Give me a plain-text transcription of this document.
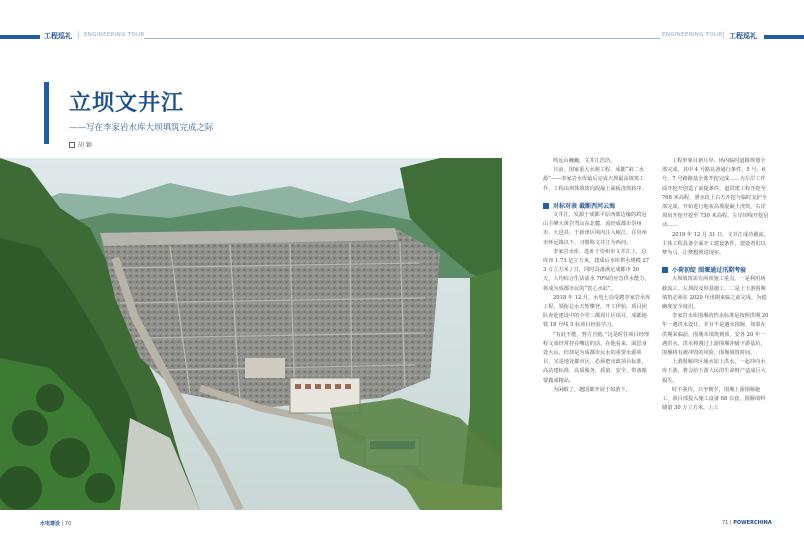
工程巡礼 | ENGINEERING TOUR	ENGINEERING TOUR | 工程巡礼
立坝文井江
——写在李家岩水库大坝填筑完成之际
胡 颖

鸣远山巍巍，文井江浩浩。

日前，国家重大水利工程、成都“第二水源”——李家岩水库最后完成大坝最高填筑工作，工程由坝体填筑向混凝土面板浇筑转序。

对标对表 截断西河云海

文井江，发源于成都平原西部边缘的鸡冠山主峰大黄岩弯山东北麓，流经成都市崇州市、大邑县，于新津区境内注入岷江。在崇州市怀远镇以下，习惯称文井江为西河。

李家岩水库，选址于崇州市文井江上，总库容 1.73 亿立方米，建成后水库供水规模 273 万立方米 / 日，同时具备满足成都市 30 天，人均综合生活需水 70%的应急供水能力，将成为成都市民的“饮心水缸”。

2018 年 12 月，水电七局受聘李家岩水库工程，领衔总水天堑攀登。开工伊始，项目团队奔赴建设中的全党三都周片区项目，成都地铁 18 号线 5 标项目经验学习。

“有此不能，努力自勉。”这是时任项目经理程文成经常挂在嘴边的话。在他看来，面思身处大山，但却是为成都市民水的重要水源项目，又是地处都市区，必须把市政项目标准，高站建标准，高质服务，质量、安全、带备都要做成精品。

为闲暇了，越国都开展于如游下，

工程形象目新月异。场内临时道路规划全部完成，其中 4 号路具备通行条件，5 号、6 号、7 号路路基全部开挖完成……为左岸工作面开挖开创造了前提条件。道洪建工程开挖至 768 米高程，泄水段上右方开挖与临时支护全部完成，开始进行地灰高坡混凝土浇筑，右岸坝肩开挖开挖至 730 米高程，左岸坝线开挖启动……

2019 年 12 月 31 日，文井江成功截流。主体工程具备全面开工建设条件，建设者们以梦为马，让梦想照进现实。

小荷初绽 围堰通过汛期考验

大坝填筑需有两项施工重点，一是利用场截流工、左坝段及坝基施工，二是上下游围堰填筑必须在 2020 年汛期来临之前完成，为稳确度安全度汛。

李家岩水库围堰的挡水标准是按照洪期 20 年一遇洪水设计，并且不是遇水围堰，如果在洪期来临前，围堰未填筑到顶，安各 20 年一遇洪水，洪水将漫过上游围堰冲破下游基坑，围堰将有被冲毁的风险，围堰填筑时间。

上游围堰冲区域水加上洪水，一起冲向水库下游，将会给下游人民的生命财产造成巨大损失。

时不我待，只争朝夕，围堰上游围堰施工，项目部投入施工设备 68 台套，围堰填料储量 30 万立方米，土工

水电建设 | 70	71 | POWERCHINA
